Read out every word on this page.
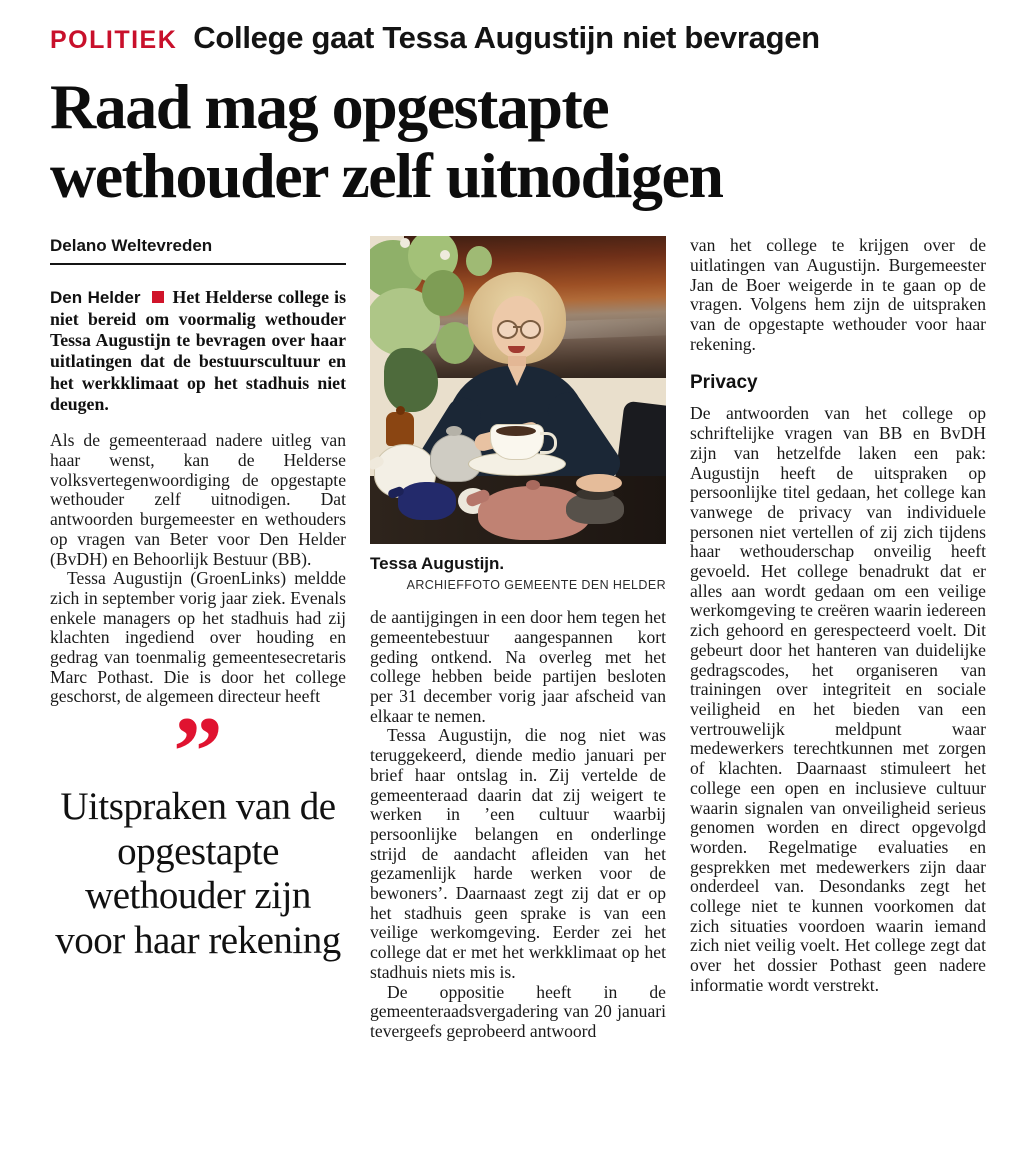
POLITIEK College gaat Tessa Augustijn niet bevragen
Raad mag opgestapte wethouder zelf uitnodigen
Delano Weltevreden

Den Helder Het Helderse college is niet bereid om voormalig wethouder Tessa Augustijn te bevragen over haar uitlatingen dat de bestuurscultuur en het werkklimaat op het stadhuis niet deugen.

Als de gemeenteraad nadere uitleg van haar wenst, kan de Helderse volksvertegenwoordiging de opgestapte wethouder zelf uitnodigen. Dat antwoorden burgemeester en wethouders op vragen van Beter voor Den Helder (BvDH) en Behoorlijk Bestuur (BB).

Tessa Augustijn (GroenLinks) meldde zich in september vorig jaar ziek. Evenals enkele managers op het stadhuis had zij klachten ingediend over houding en gedrag van toenmalig gemeentesecretaris Marc Pothast. Die is door het college geschorst, de algemeen directeur heeft

”
Uitspraken van de opgestapte wethouder zijn voor haar rekening
Tessa Augustijn.
ARCHIEFFOTO GEMEENTE DEN HELDER

de aantijgingen in een door hem tegen het gemeentebestuur aangespannen kort geding ontkend. Na overleg met het college hebben beide partijen besloten per 31 december vorig jaar afscheid van elkaar te nemen.

Tessa Augustijn, die nog niet was teruggekeerd, diende medio januari per brief haar ontslag in. Zij vertelde de gemeenteraad daarin dat zij weigert te werken in ’een cultuur waarbij persoonlijke belangen en onderlinge strijd de aandacht afleiden van het gezamenlijk harde werken voor de bewoners’. Daarnaast zegt zij dat er op het stadhuis geen sprake is van een veilige werkomgeving. Eerder zei het college dat er met het werkklimaat op het stadhuis niets mis is.

De oppositie heeft in de gemeenteraadsvergadering van 20 januari tevergeefs geprobeerd antwoord

van het college te krijgen over de uitlatingen van Augustijn. Burgemeester Jan de Boer weigerde in te gaan op de vragen. Volgens hem zijn de uitspraken van de opgestapte wethouder voor haar rekening.

Privacy

De antwoorden van het college op schriftelijke vragen van BB en BvDH zijn van hetzelfde laken een pak: Augustijn heeft de uitspraken op persoonlijke titel gedaan, het college kan vanwege de privacy van individuele personen niet vertellen of zij zich tijdens haar wethouderschap onveilig heeft gevoeld. Het college benadrukt dat er alles aan wordt gedaan om een veilige werkomgeving te creëren waarin iedereen zich gehoord en gerespecteerd voelt. Dit gebeurt door het hanteren van duidelijke gedragscodes, het organiseren van trainingen over integriteit en sociale veiligheid en het bieden van een vertrouwelijk meldpunt waar medewerkers terechtkunnen met zorgen of klachten. Daarnaast stimuleert het college een open en inclusieve cultuur waarin signalen van onveiligheid serieus genomen worden en direct opgevolgd worden. Regelmatige evaluaties en gesprekken met medewerkers zijn daar onderdeel van. Desondanks zegt het college niet te kunnen voorkomen dat zich situaties voordoen waarin iemand zich niet veilig voelt. Het college zegt dat over het dossier Pothast geen nadere informatie wordt verstrekt.
